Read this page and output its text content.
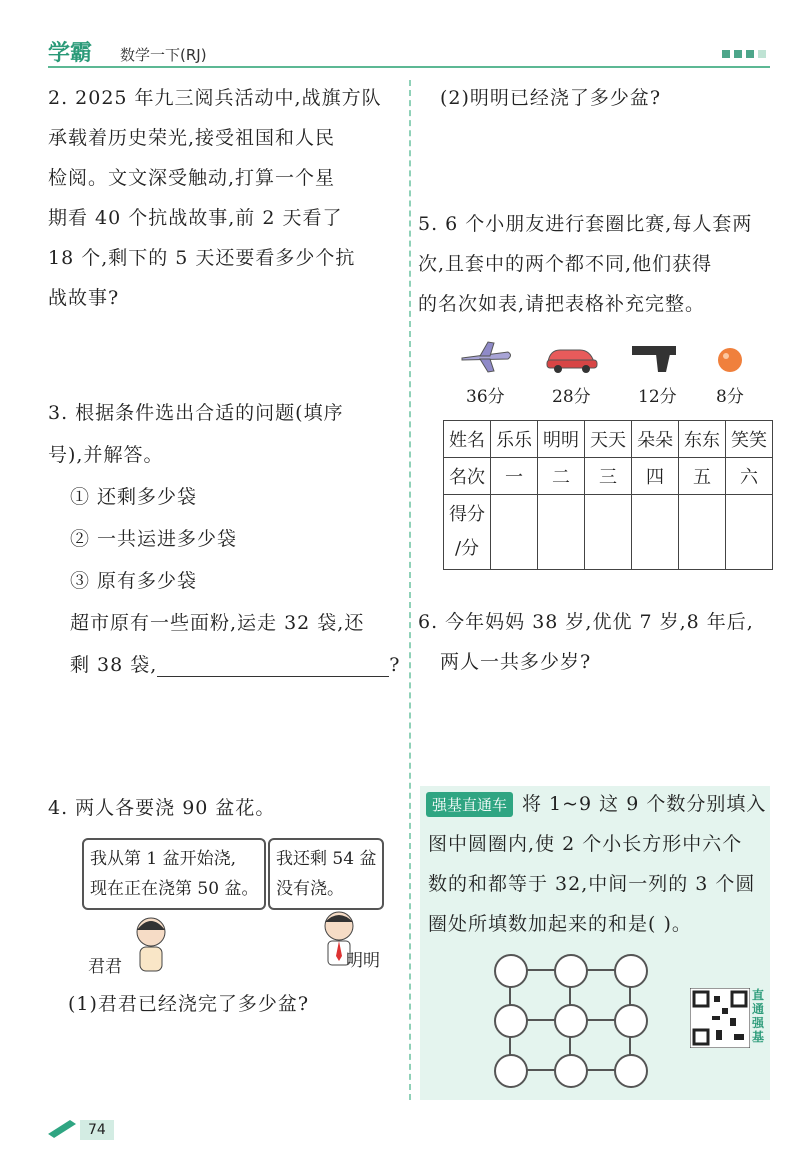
学霸 数学一下(RJ)
2. 2025 年九三阅兵活动中,战旗方队
承载着历史荣光,接受祖国和人民
检阅。文文深受触动,打算一个星
期看 40 个抗战故事,前 2 天看了
18 个,剩下的 5 天还要看多少个抗
战故事?
3. 根据条件选出合适的问题(填序
号),并解答。
① 还剩多少袋
② 一共运进多少袋
③ 原有多少袋
超市原有一些面粉,运走 32 袋,还
剩 38 袋,	?
4. 两人各要浇 90 盆花。
我从第 1 盆开始浇,
现在正在浇第 50 盆。
我还剩 54 盆
没有浇。
君君	明明
(1)君君已经浇完了多少盆?
(2)明明已经浇了多少盆?
5. 6 个小朋友进行套圈比赛,每人套两
次,且套中的两个都不同,他们获得
的名次如表,请把表格补充完整。
36分	28分	12分 8分
姓名	乐乐	明明	天天	朵朵	东东	笑笑
名次	一	二	三	四	五	六

得分
/分						

6. 今年妈妈 38 岁,优优 7 岁,8 年后,
两人一共多少岁?
强基直通车 将 1~9 这 9 个数分别填入
图中圆圈内,使 2 个小长方形中六个
数的和都等于 32,中间一列的 3 个圆
圈处所填数加起来的和是( )。
直通强基
74
